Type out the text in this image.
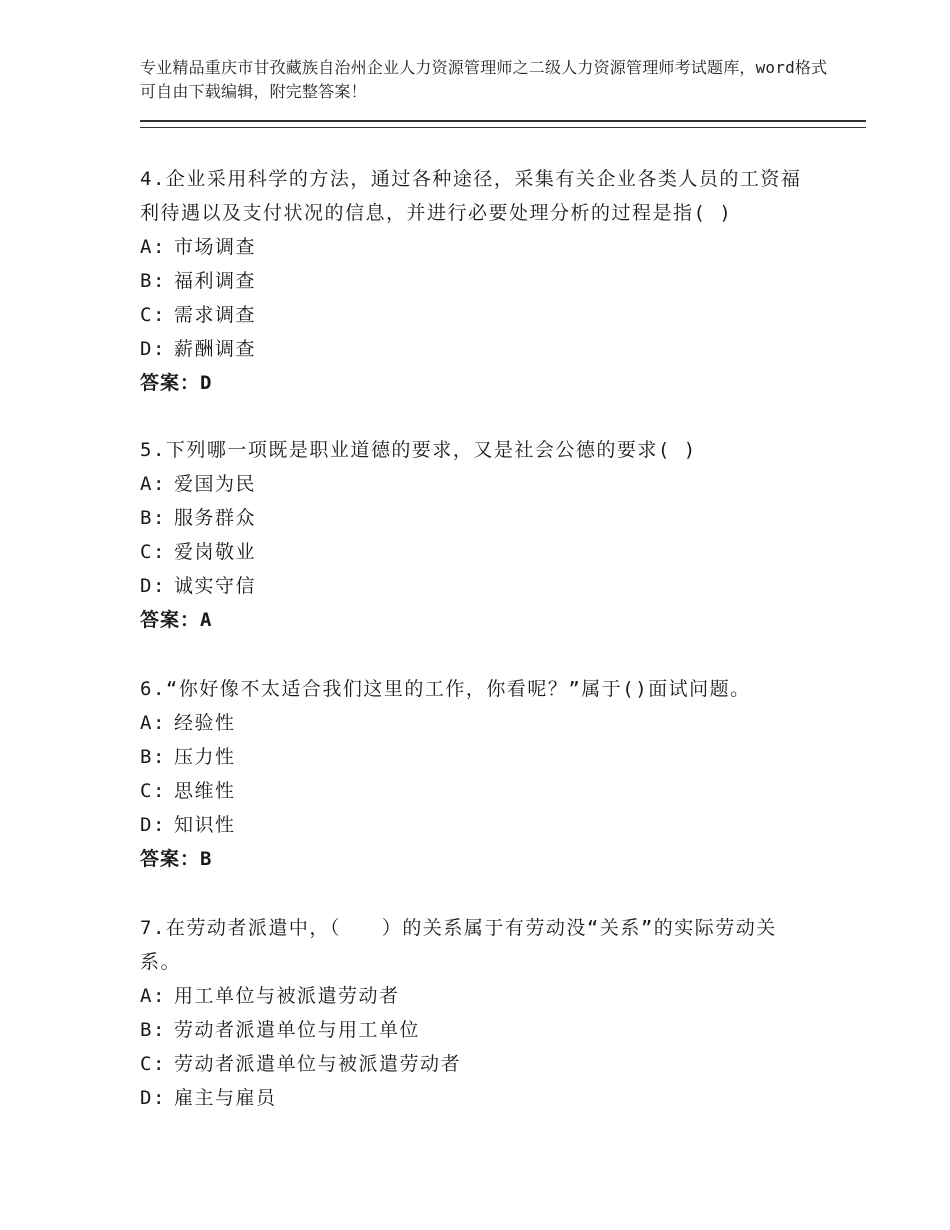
专业精品重庆市甘孜藏族自治州企业人力资源管理师之二级人力资源管理师考试题库，word格式可自由下载编辑，附完整答案！
4.企业采用科学的方法，通过各种途径，采集有关企业各类人员的工资福利待遇以及支付状况的信息，并进行必要处理分析的过程是指( )
A: 市场调查
B: 福利调查
C: 需求调查
D: 薪酬调查
答案：D
5.下列哪一项既是职业道德的要求，又是社会公德的要求( )
A: 爱国为民
B: 服务群众
C: 爱岗敬业
D: 诚实守信
答案：A
6.“你好像不太适合我们这里的工作，你看呢？”属于()面试问题。
A: 经验性
B: 压力性
C: 思维性
D: 知识性
答案：B
7.在劳动者派遣中，（　　）的关系属于有劳动没“关系”的实际劳动关系。
A: 用工单位与被派遣劳动者
B: 劳动者派遣单位与用工单位
C: 劳动者派遣单位与被派遣劳动者
D: 雇主与雇员
